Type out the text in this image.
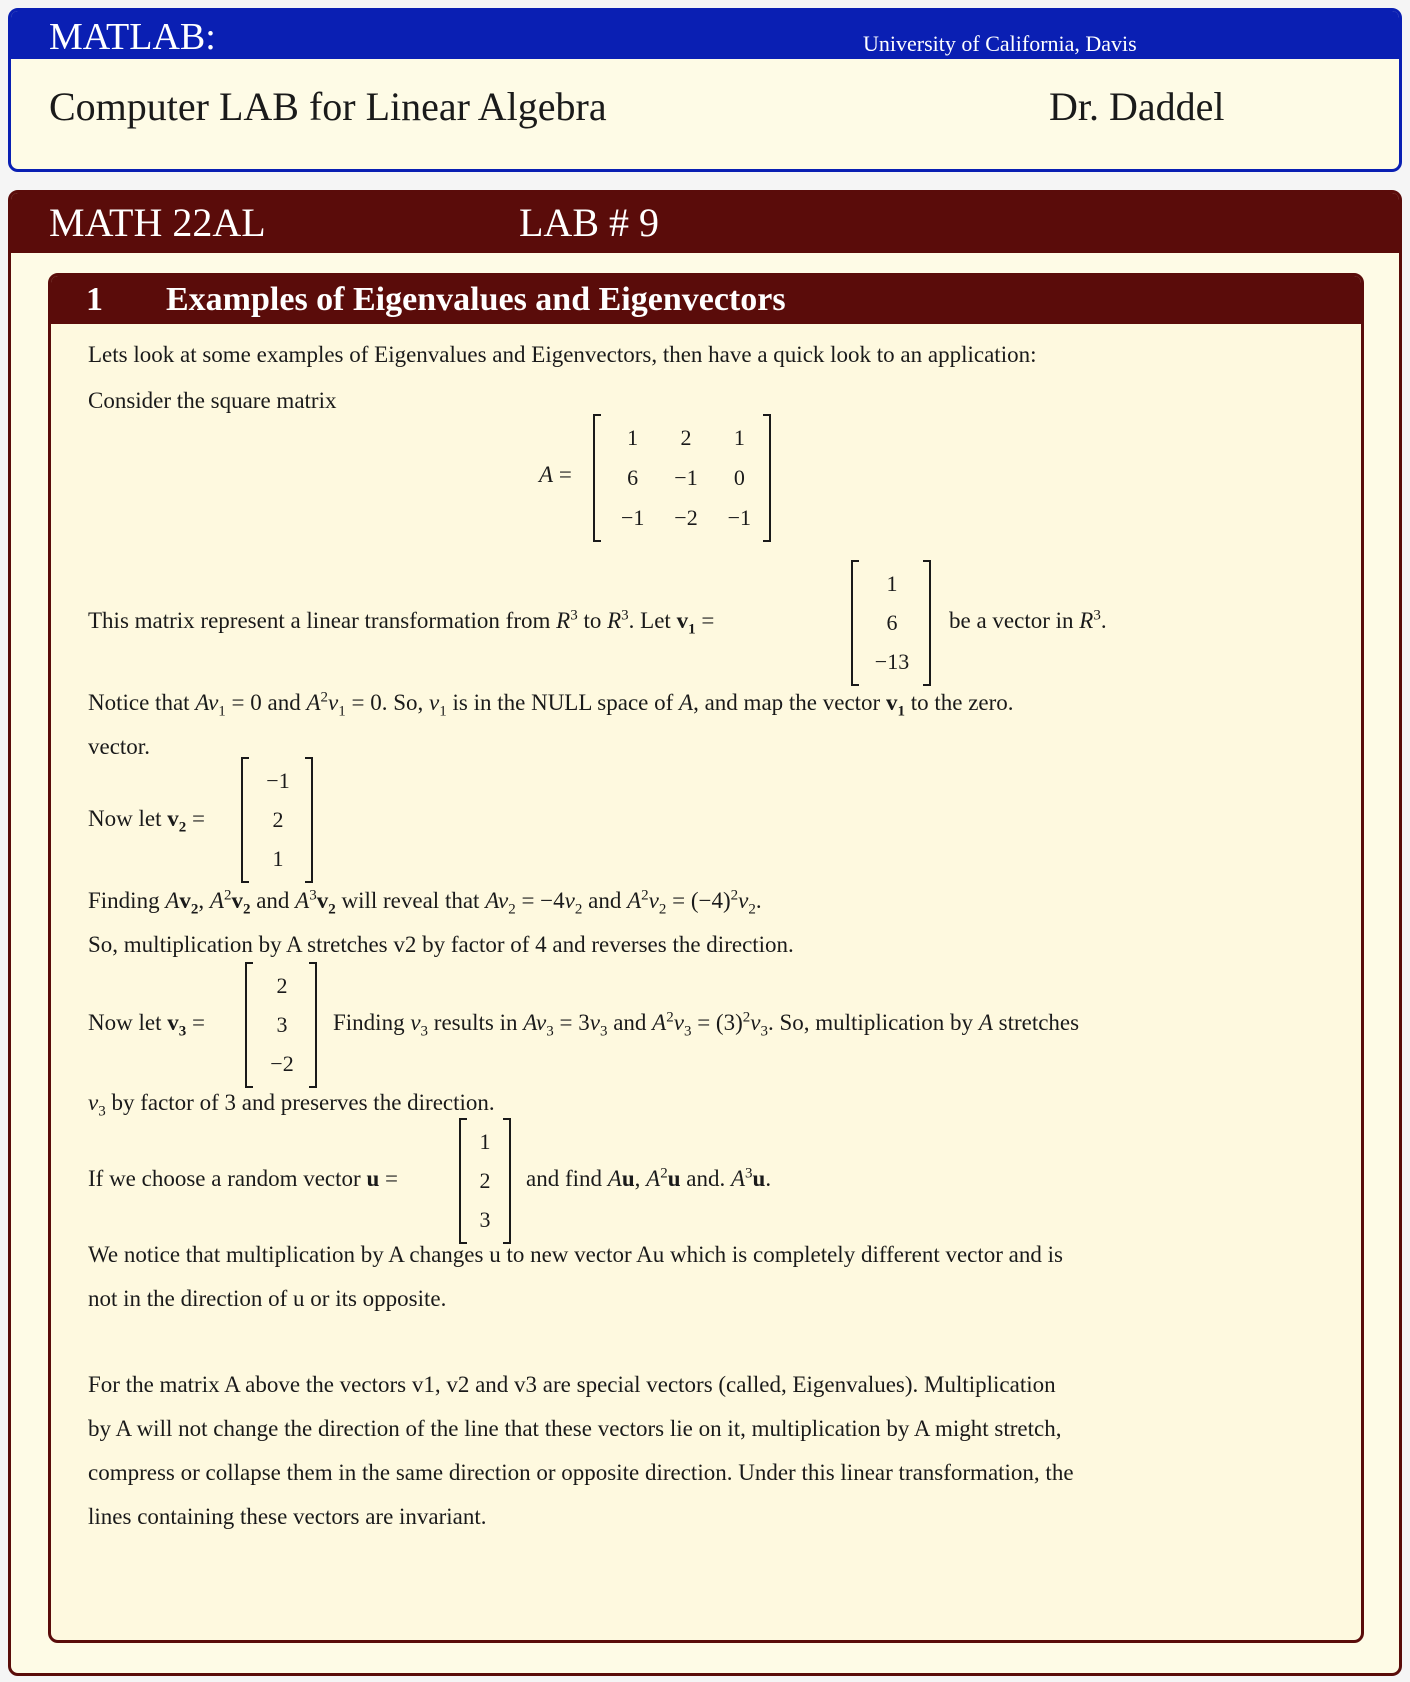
MATLAB:	University of California, Davis
Computer LAB for Linear Algebra	Dr. Daddel
MATH 22AL	LAB # 9
1 Examples of Eigenvalues and Eigenvectors
Lets look at some examples of Eigenvalues and Eigenvectors, then have a quick look to an application:
Consider the square matrix
A =
1	2	1
6	−1	0
−1	−2	−1
This matrix represent a linear transformation from $R^3$ to $R^3$. Let $v_1$ =
1
6
−13
be a vector in $R^3$.
Notice that $Av_1 = 0$ and $A^2v_1 = 0$. So, $v_1$ is in the NULL space of A, and map the vector $v_1$ to the zero.
vector.
Now let $v_2$ =
−1
2
1
Finding $Av_2$, $A^2v_2$ and $A^3v_2$ will reveal that $Av_2 = -4v_2$ and $A^2v_2 = (-4)^2v_2$.
So, multiplication by A stretches v2 by factor of 4 and reverses the direction.
Now let $v_3$ =
2
3
−2
Finding $v_3$ results in $Av_3 = 3v_3$ and $A^2v_3 = (3)^2v_3$. So, multiplication by A stretches
$v_3$ by factor of 3 and preserves the direction.
If we choose a random vector u =
1
2
3
and find Au, $A^2u$ and. $A^3u$.
We notice that multiplication by A changes u to new vector Au which is completely different vector and is
not in the direction of u or its opposite.
For the matrix A above the vectors v1, v2 and v3 are special vectors (called, Eigenvalues). Multiplication
by A will not change the direction of the line that these vectors lie on it, multiplication by A might stretch,
compress or collapse them in the same direction or opposite direction. Under this linear transformation, the
lines containing these vectors are invariant.
